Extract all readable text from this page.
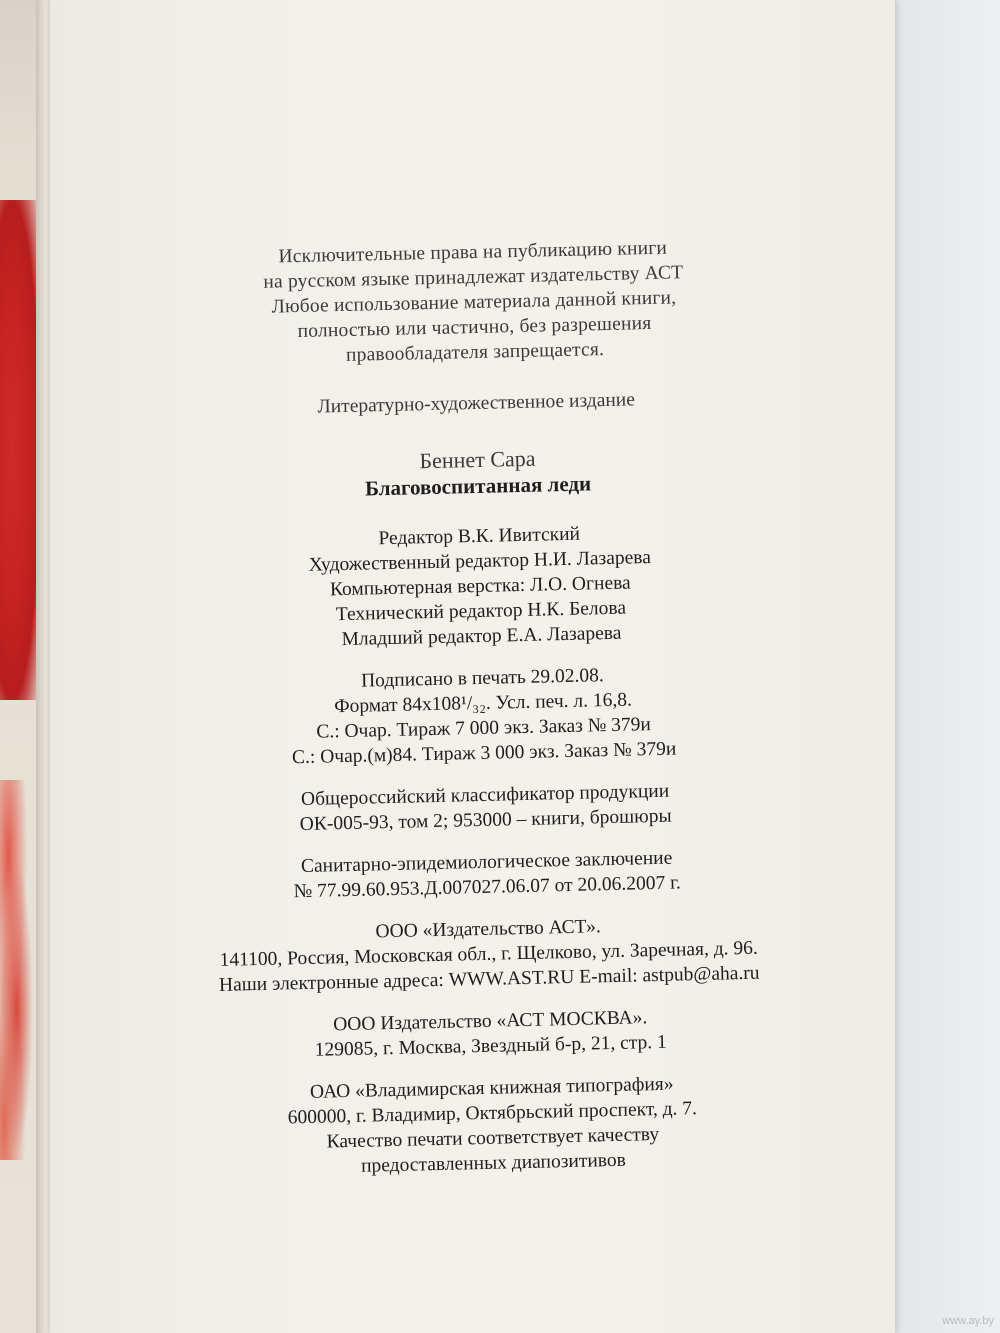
Исключительные права на публикацию книги
на русском языке принадлежат издательству АСТ
Любое использование материала данной книги,
полностью или частично, без разрешения
правообладателя запрещается.
Литературно-художественное издание
Беннет Сара
Благовоспитанная леди
Редактор В.К. Ивитский
Художественный редактор Н.И. Лазарева
Компьютерная верстка: Л.О. Огнева
Технический редактор Н.К. Белова
Младший редактор Е.А. Лазарева
Подписано в печать 29.02.08.
Формат 84x108¹/₃₂. Усл. печ. л. 16,8.
С.: Очар. Тираж 7 000 экз. Заказ № 379и
С.: Очар.(м)84. Тираж 3 000 экз. Заказ № 379и
Общероссийский классификатор продукции
ОК-005-93, том 2; 953000 – книги, брошюры
Санитарно-эпидемиологическое заключение
№ 77.99.60.953.Д.007027.06.07 от 20.06.2007 г.
ООО «Издательство АСТ».
141100, Россия, Московская обл., г. Щелково, ул. Заречная, д. 96.
Наши электронные адреса: WWW.AST.RU E-mail: astpub@aha.ru
ООО Издательство «АСТ МОСКВА».
129085, г. Москва, Звездный б-р, 21, стр. 1
ОАО «Владимирская книжная типография»
600000, г. Владимир, Октябрьский проспект, д. 7.
Качество печати соответствует качеству
предоставленных диапозитивов
www.ay.by
